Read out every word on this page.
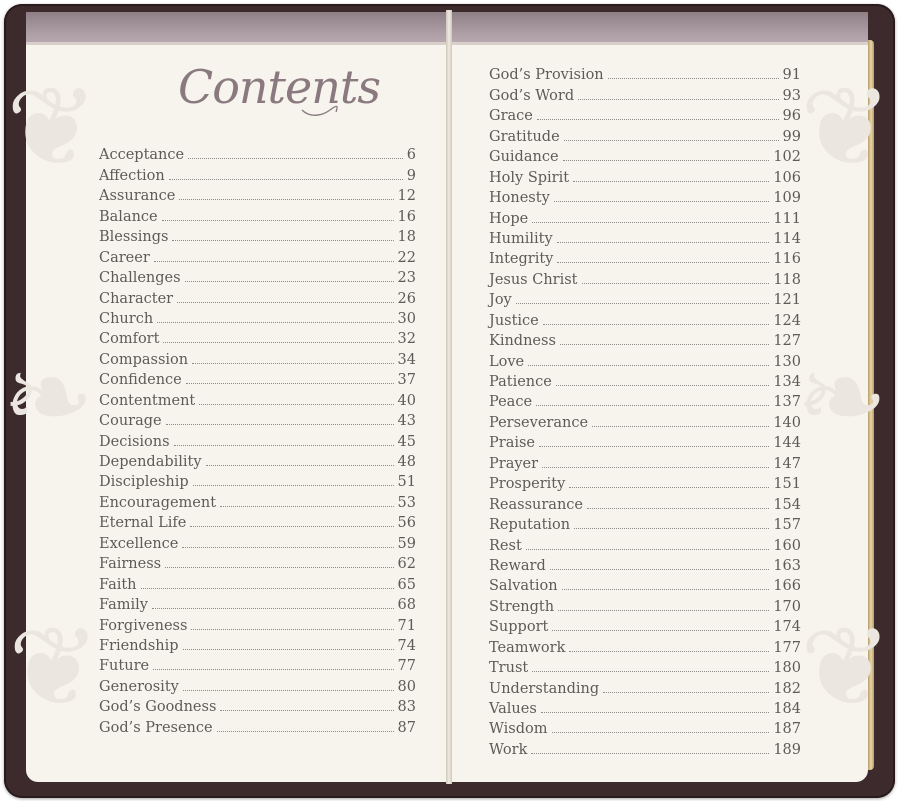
❦
❧
❦
❦
❧
❦
Contents
Acceptance	6
Affection	9
Assurance	12
Balance	16
Blessings	18
Career	22
Challenges	23
Character	26
Church	30
Comfort	32
Compassion	34
Confidence	37
Contentment	40
Courage	43
Decisions	45
Dependability	48
Discipleship	51
Encouragement	53
Eternal Life	56
Excellence	59
Fairness	62
Faith	65
Family	68
Forgiveness	71
Friendship	74
Future	77
Generosity	80
God’s Goodness	83
God’s Presence	87
God’s Provision	91
God’s Word	93
Grace	96
Gratitude	99
Guidance	102
Holy Spirit	106
Honesty	109
Hope	111
Humility	114
Integrity	116
Jesus Christ	118
Joy	121
Justice	124
Kindness	127
Love	130
Patience	134
Peace	137
Perseverance	140
Praise	144
Prayer	147
Prosperity	151
Reassurance	154
Reputation	157
Rest	160
Reward	163
Salvation	166
Strength	170
Support	174
Teamwork	177
Trust	180
Understanding	182
Values	184
Wisdom	187
Work	189
